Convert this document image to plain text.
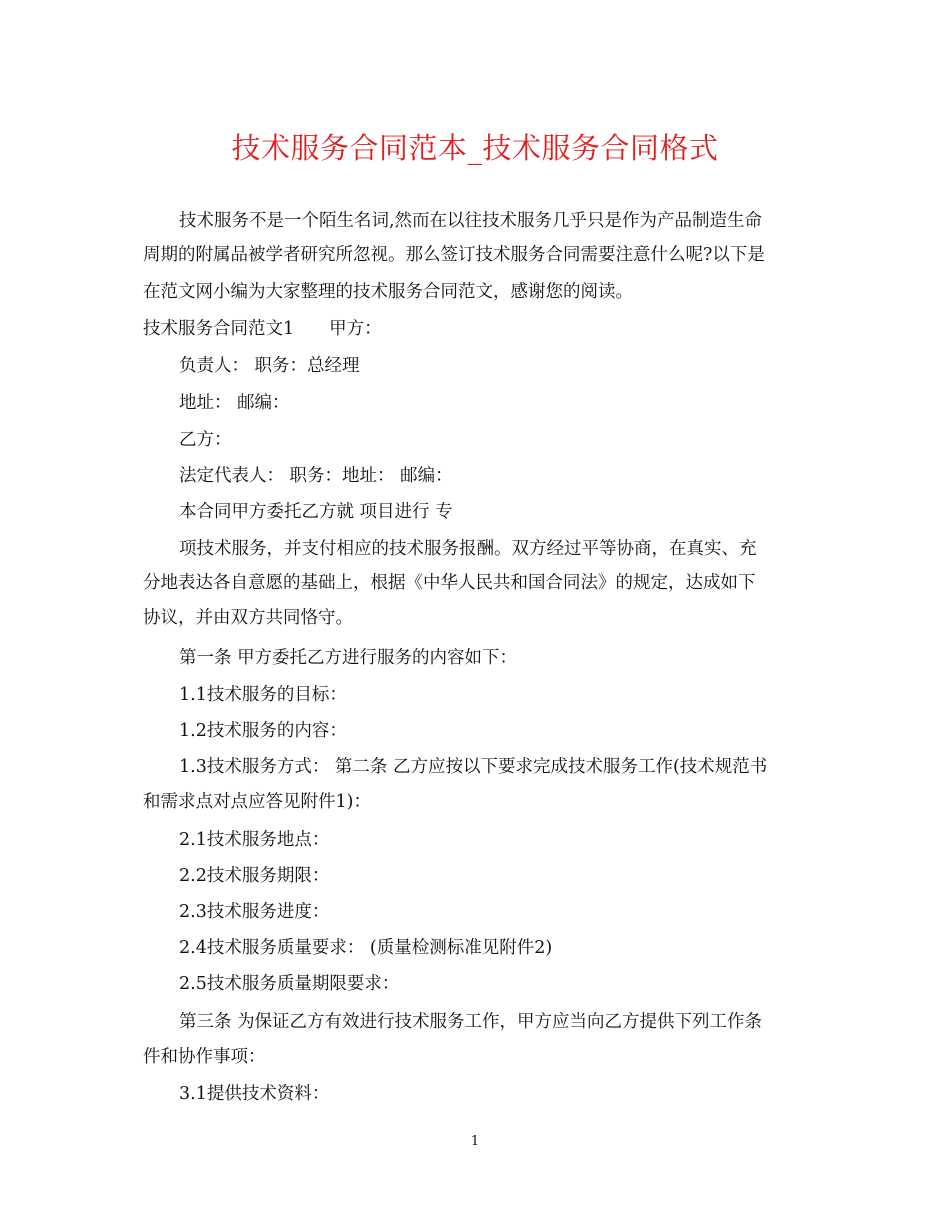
技术服务合同范本_技术服务合同格式

技术服务不是一个陌生名词,然而在以往技术服务几乎只是作为产品制造生命

周期的附属品被学者研究所忽视。那么签订技术服务合同需要注意什么呢?以下是

在范文网小编为大家整理的技术服务合同范文，感谢您的阅读。

技术服务合同范文1　　甲方：

负责人： 职务：总经理

地址： 邮编：

乙方：

法定代表人： 职务：地址： 邮编：

本合同甲方委托乙方就 项目进行 专

项技术服务，并支付相应的技术服务报酬。双方经过平等协商，在真实、充

分地表达各自意愿的基础上，根据《中华人民共和国合同法》的规定，达成如下

协议，并由双方共同恪守。

第一条 甲方委托乙方进行服务的内容如下：

1.1技术服务的目标：

1.2技术服务的内容：

1.3技术服务方式： 第二条 乙方应按以下要求完成技术服务工作(技术规范书

和需求点对点应答见附件1)：

2.1技术服务地点：

2.2技术服务期限：

2.3技术服务进度：

2.4技术服务质量要求： (质量检测标准见附件2)

2.5技术服务质量期限要求：

第三条 为保证乙方有效进行技术服务工作，甲方应当向乙方提供下列工作条

件和协作事项：

3.1提供技术资料：

1
